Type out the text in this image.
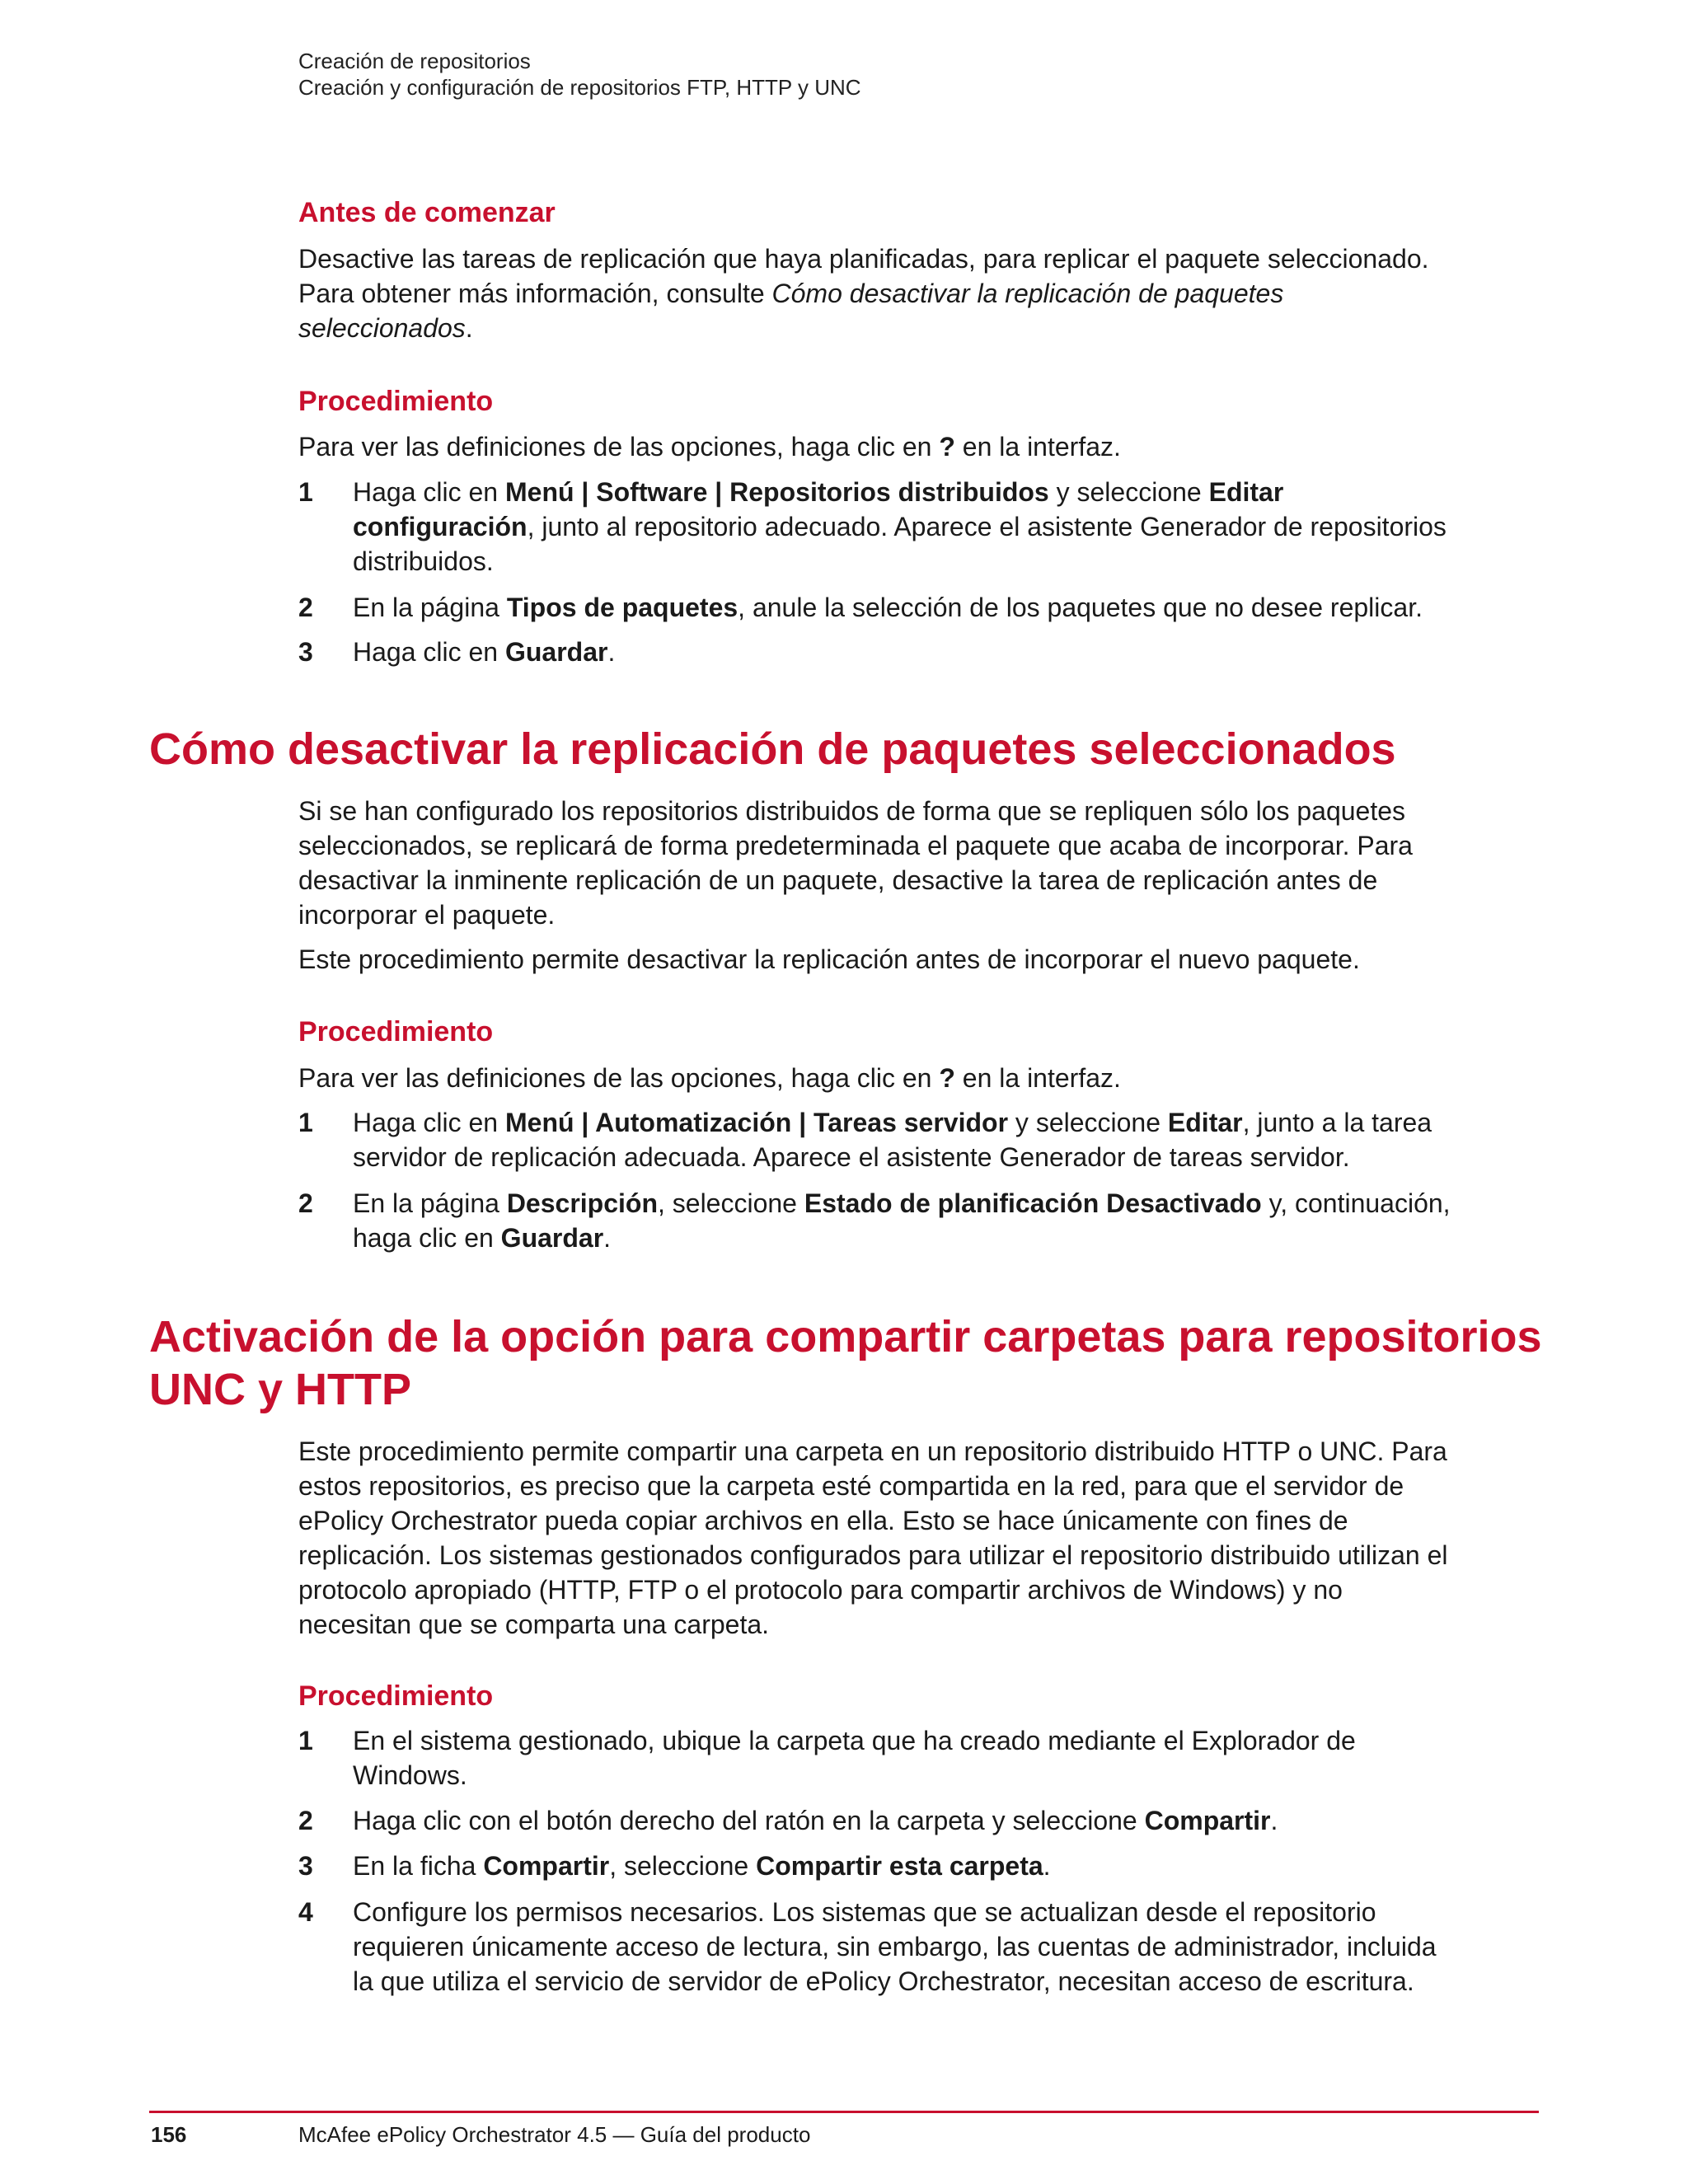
Creación de repositorios
Creación y configuración de repositorios FTP, HTTP y UNC
Antes de comenzar

Desactive las tareas de replicación que haya planificadas, para replicar el paquete seleccionado. Para obtener más información, consulte Cómo desactivar la replicación de paquetes seleccionados.

Procedimiento

Para ver las definiciones de las opciones, haga clic en ? en la interfaz.

1	Haga clic en Menú | Software | Repositorios distribuidos y seleccione Editar configuración, junto al repositorio adecuado. Aparece el asistente Generador de repositorios distribuidos.

2	En la página Tipos de paquetes, anule la selección de los paquetes que no desee replicar.

3	Haga clic en Guardar.

Cómo desactivar la replicación de paquetes seleccionados

Si se han configurado los repositorios distribuidos de forma que se repliquen sólo los paquetes seleccionados, se replicará de forma predeterminada el paquete que acaba de incorporar. Para desactivar la inminente replicación de un paquete, desactive la tarea de replicación antes de incorporar el paquete.

Este procedimiento permite desactivar la replicación antes de incorporar el nuevo paquete.

Procedimiento

Para ver las definiciones de las opciones, haga clic en ? en la interfaz.

1	Haga clic en Menú | Automatización | Tareas servidor y seleccione Editar, junto a la tarea servidor de replicación adecuada. Aparece el asistente Generador de tareas servidor.

2	En la página Descripción, seleccione Estado de planificación Desactivado y, continuación, haga clic en Guardar.

Activación de la opción para compartir carpetas para repositorios UNC y HTTP

Este procedimiento permite compartir una carpeta en un repositorio distribuido HTTP o UNC. Para estos repositorios, es preciso que la carpeta esté compartida en la red, para que el servidor de ePolicy Orchestrator pueda copiar archivos en ella. Esto se hace únicamente con fines de replicación. Los sistemas gestionados configurados para utilizar el repositorio distribuido utilizan el protocolo apropiado (HTTP, FTP o el protocolo para compartir archivos de Windows) y no necesitan que se comparta una carpeta.

Procedimiento
1	En el sistema gestionado, ubique la carpeta que ha creado mediante el Explorador de Windows.

2	Haga clic con el botón derecho del ratón en la carpeta y seleccione Compartir.

3	En la ficha Compartir, seleccione Compartir esta carpeta.

4	Configure los permisos necesarios. Los sistemas que se actualizan desde el repositorio requieren únicamente acceso de lectura, sin embargo, las cuentas de administrador, incluida la que utiliza el servicio de servidor de ePolicy Orchestrator, necesitan acceso de escritura.

156	McAfee ePolicy Orchestrator 4.5 — Guía del producto
